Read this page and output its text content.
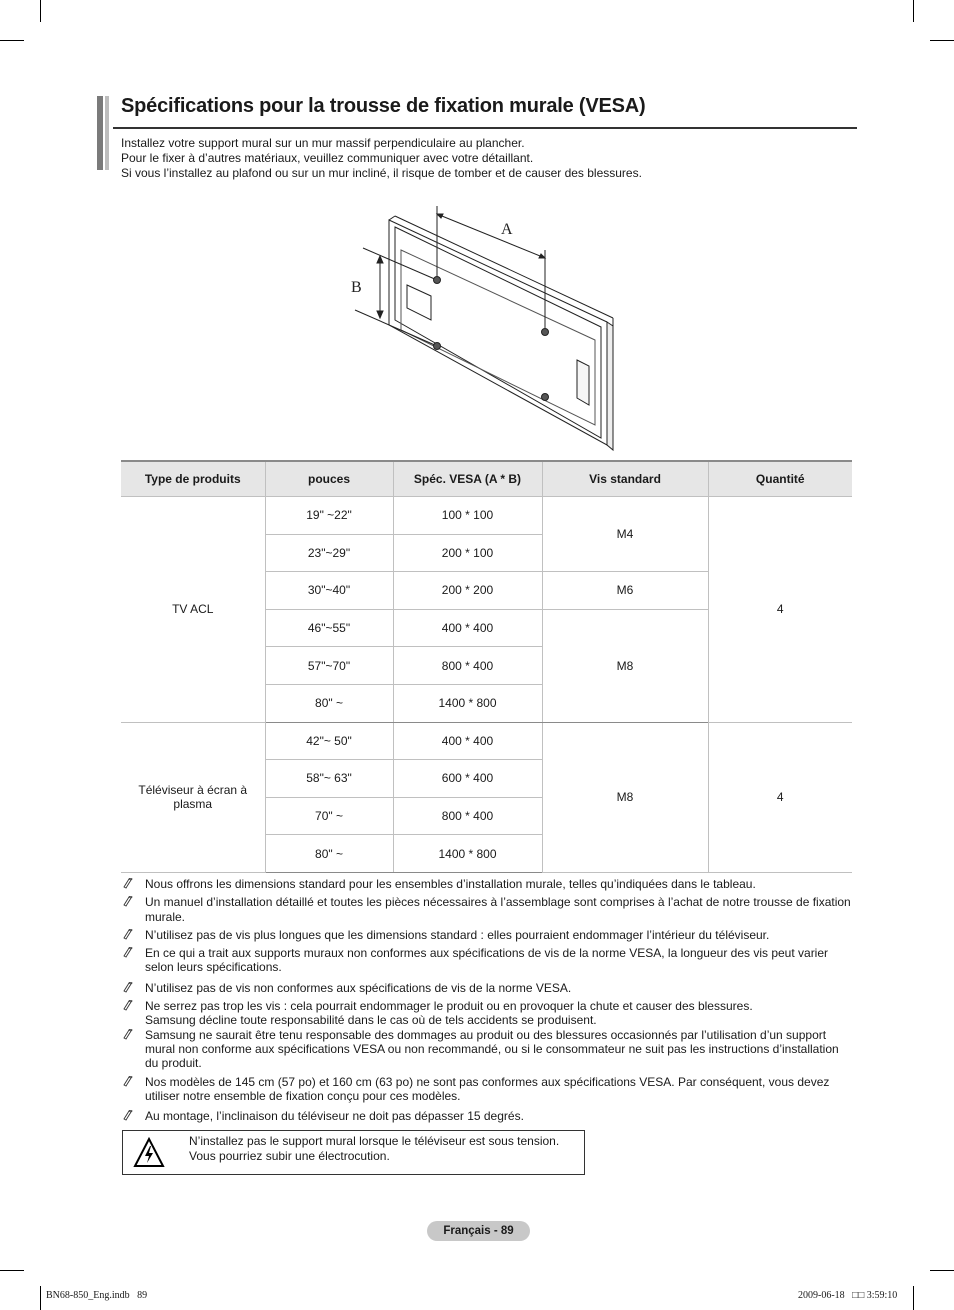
Spécifications pour la trousse de fixation murale (VESA)
Installez votre support mural sur un mur massif perpendiculaire au plancher.
Pour le fixer à d’autres matériaux, veuillez communiquer avec votre détaillant.
Si vous l’installez au plafond ou sur un mur incliné, il risque de tomber et de causer des blessures.
A
B
Type de produits	pouces	Spéc. VESA (A * B)	Vis standard	Quantité
TV ACL	19" ~22"	100 * 100	M4	4
	23"~29"	200 * 100		
	30"~40"	200 * 200	M6	
	46"~55"	400 * 400	M8	
	57"~70"	800 * 400		
	80" ~	1400 * 800		
Téléviseur à écran à plasma	42"~ 50"	400 * 400	M8	4
	58"~ 63"	600 * 400		
	70" ~	800 * 400		
	80" ~	1400 * 800		
Nous offrons les dimensions standard pour les ensembles d’installation murale, telles qu’indiquées dans le tableau.
Un manuel d’installation détaillé et toutes les pièces nécessaires à l’assemblage sont comprises à l’achat de notre trousse de fixation murale.
N’utilisez pas de vis plus longues que les dimensions standard : elles pourraient endommager l’intérieur du téléviseur.
En ce qui a trait aux supports muraux non conformes aux spécifications de vis de la norme VESA, la longueur des vis peut varier selon leurs spécifications.
N’utilisez pas de vis non conformes aux spécifications de vis de la norme VESA.
Ne serrez pas trop les vis : cela pourrait endommager le produit ou en provoquer la chute et causer des blessures.
Samsung décline toute responsabilité dans le cas où de tels accidents se produisent.
Samsung ne saurait être tenu responsable des dommages au produit ou des blessures occasionnés par l’utilisation d’un support mural non conforme aux spécifications VESA ou non recommandé, ou si le consommateur ne suit pas les instructions d’installation du produit.
Nos modèles de 145 cm (57 po) et 160 cm (63 po) ne sont pas conformes aux spécifications VESA. Par conséquent, vous devez utiliser notre ensemble de fixation conçu pour ces modèles.
Au montage, l’inclinaison du téléviseur ne doit pas dépasser 15 degrés.
N’installez pas le support mural lorsque le téléviseur est sous tension.
Vous pourriez subir une électrocution.
Français - 89
BN68-850_Eng.indb   89	2009-06-18   □□ 3:59:10
